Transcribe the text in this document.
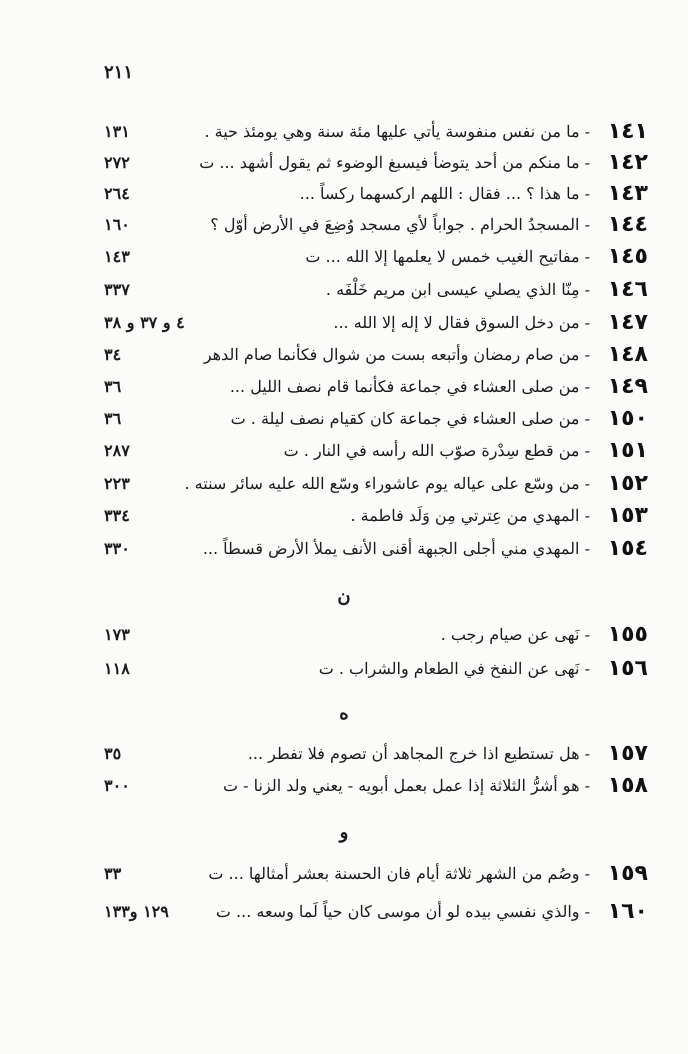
٢١١
١٤١
- ما من نفس منفوسة يأتي عليها مئة سنة وهي يومئذ حية .
١٣١
١٤٢
- ما منكم من أحد يتوضأ فيسبغ الوضوء ثم يقول أشهد ... ت
٢٧٢
١٤٣
- ما هذا ؟ ... فقال : اللهم اركسهما ركساً ...
٢٦٤
١٤٤
- المسجدُ الحرام . جواباً لأي مسجد وُضِعَ في الأرض أوّل ؟
١٦٠
١٤٥
- مفاتيح الغيب خمس لا يعلمها إلا الله ... ت
١٤٣
١٤٦
- مِنّا الذي يصلي عيسى ابن مريم خَلْفَه .
٣٣٧
١٤٧
- من دخل السوق فقال لا إله إلا الله ...
٤ و ٣٧ و ٣٨
١٤٨
- من صام رمضان وأتبعه بست من شوال فكأنما صام الدهر
٣٤
١٤٩
- من صلى العشاء في جماعة فكأنما قام نصف الليل ...
٣٦
١٥٠
- من صلى العشاء في جماعة كان كقيام نصف ليلة . ت
٣٦
١٥١
- من قطع سِدْرة صوّب الله رأسه في النار . ت
٢٨٧
١٥٢
- من وسّع على عياله يوم عاشوراء وسّع الله عليه سائر سنته .
٢٢٣
١٥٣
- المهدي من عِترتي مِن وَلَد فاطمة .
٣٣٤
١٥٤
- المهدي مني أجلى الجبهة أقنى الأنف يملأ الأرض قسطاً ...
٣٣٠
ن
١٥٥
- نَهى عن صيام رجب .
١٧٣
١٥٦
- نَهى عن النفخ في الطعام والشراب . ت
١١٨
ه
١٥٧
- هل تستطيع اذا خرج المجاهد أن تصوم فلا تفطر ...
٣٥
١٥٨
- هو أشرُّ الثلاثة إذا عمل بعمل أبويه - يعني ولد الزنا - ت
٣٠٠
و
١٥٩
- وصُم من الشهر ثلاثة أيام فان الحسنة بعشر أمثالها ... ت
٣٣
١٦٠
- والذي نفسي بيده لو أن موسى كان حياً لَما وسعه ... ت
١٢٩ و١٣٣
